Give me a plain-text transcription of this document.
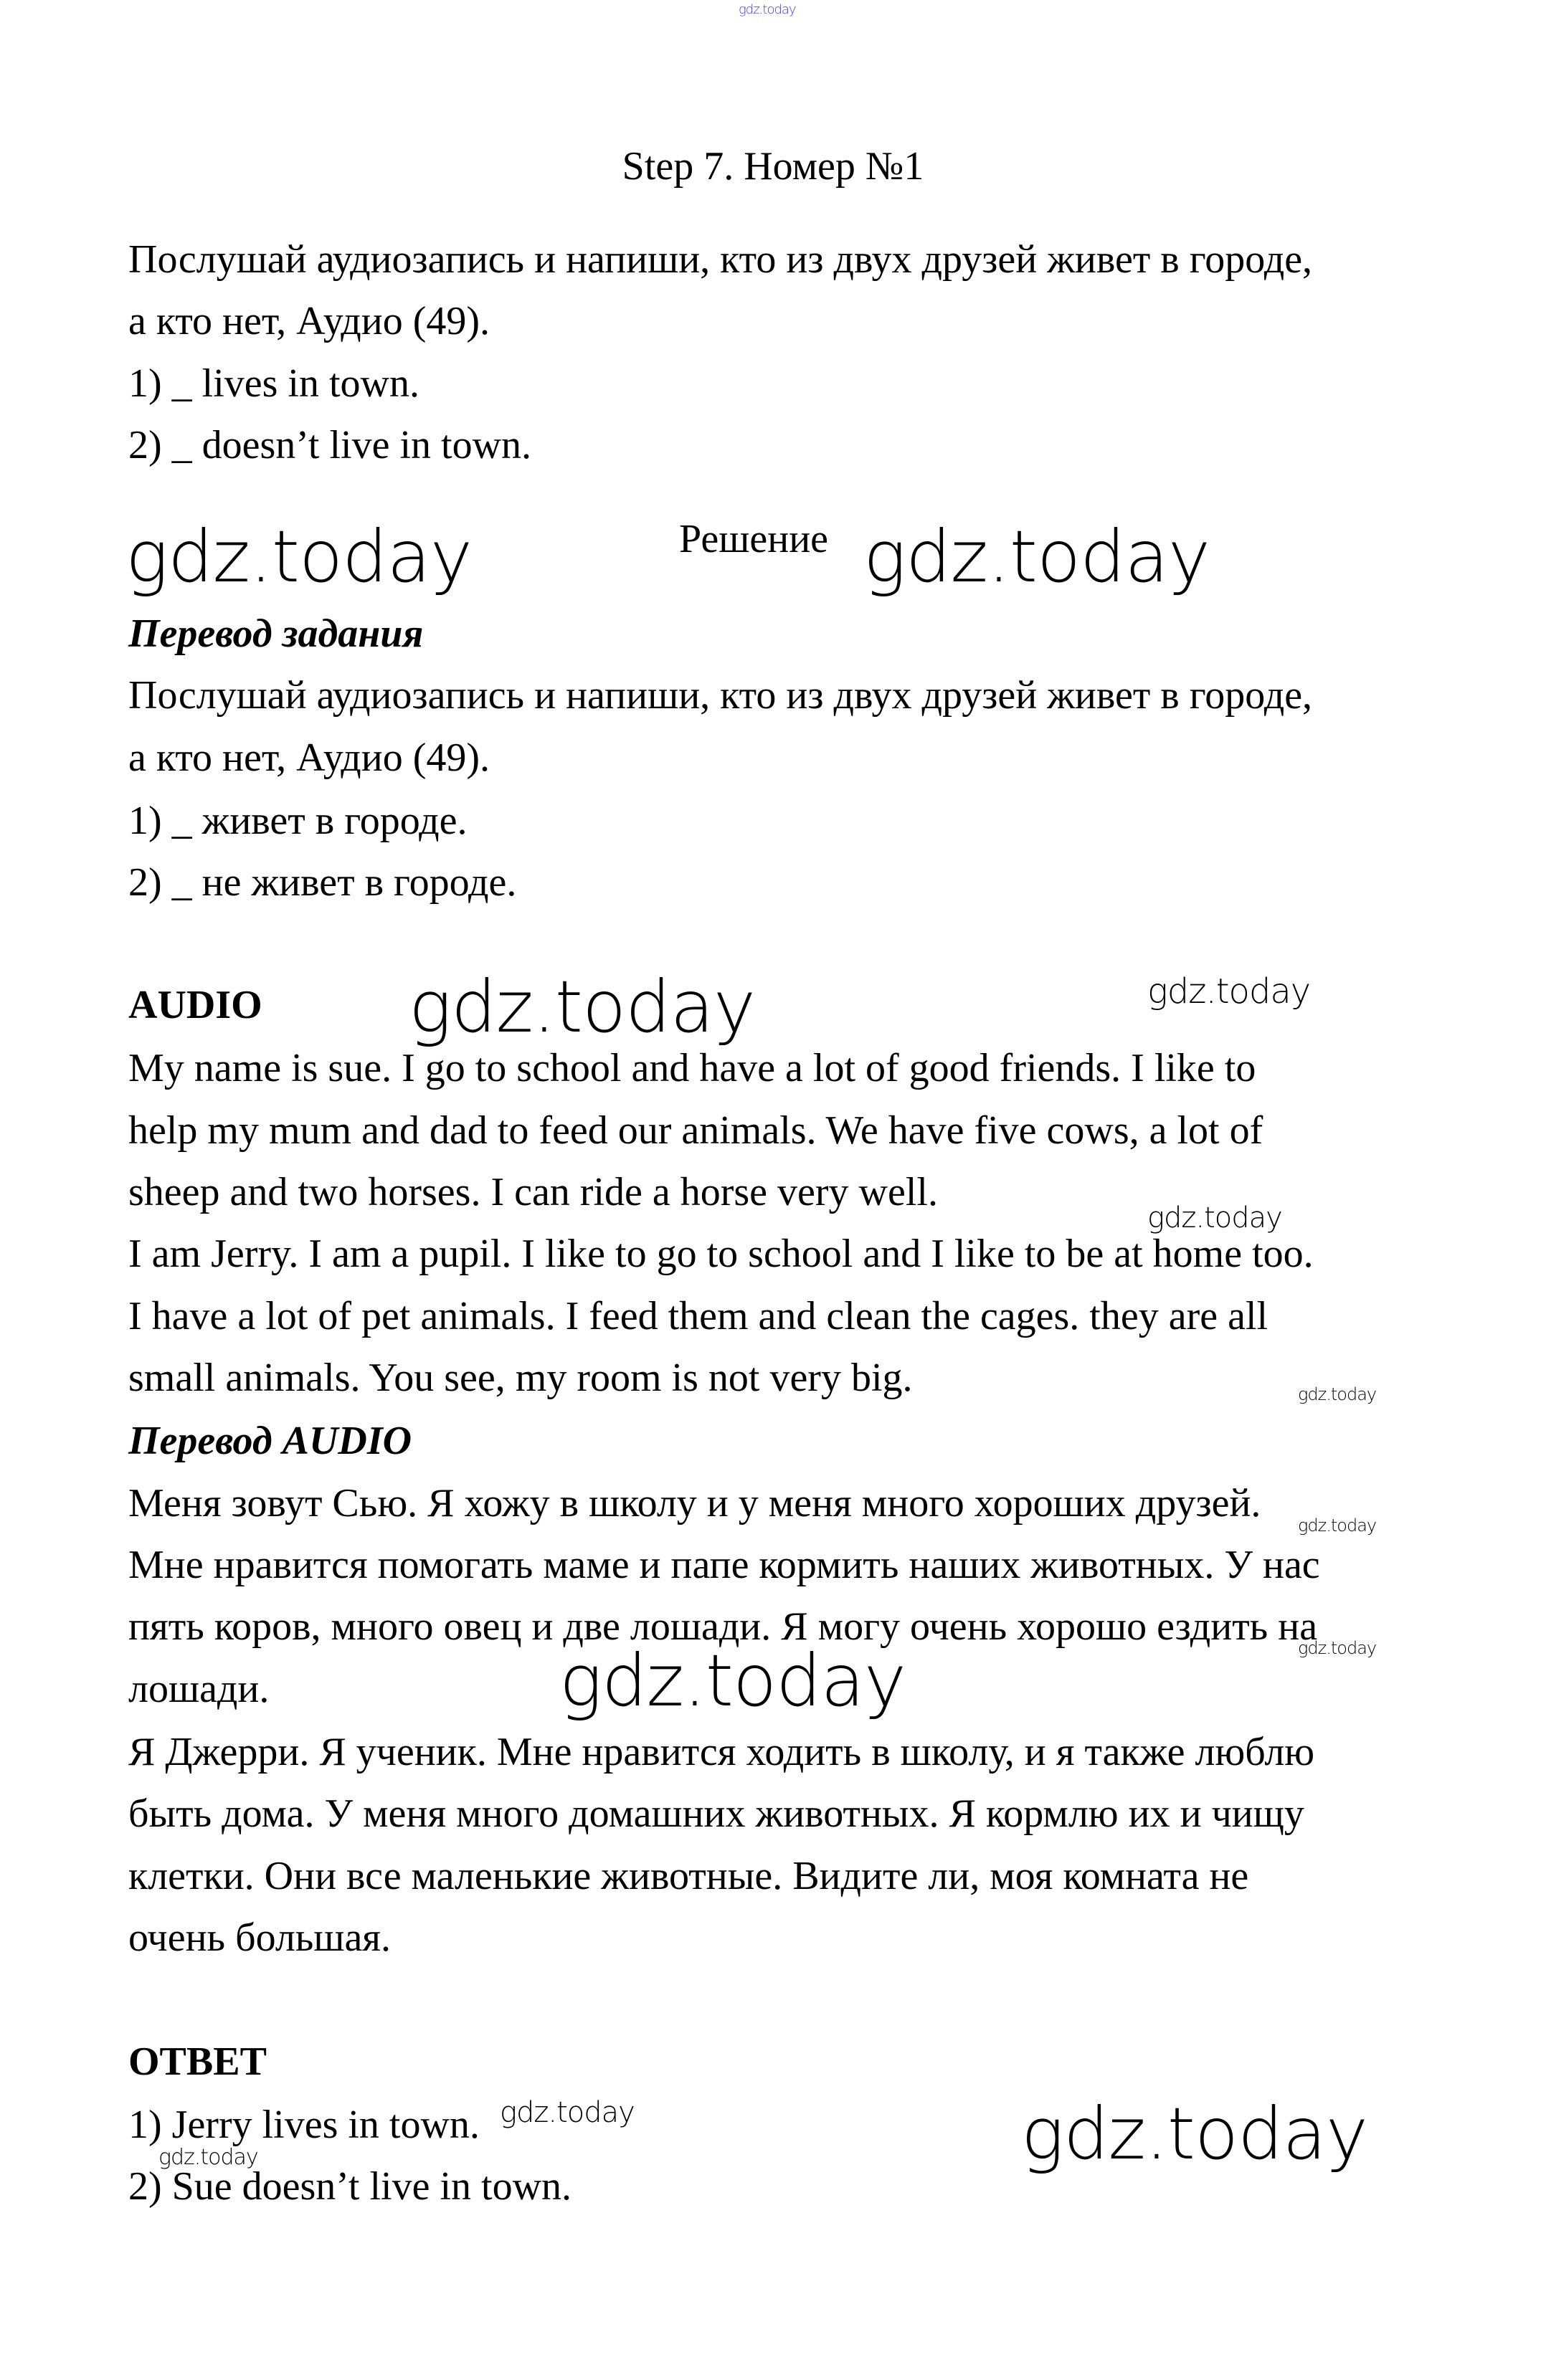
gdz.today
Step 7. Номер №1
Послушай аудиозапись и напиши, кто из двух друзей живет в городе,
а кто нет, Аудио (49).
1) _ lives in town.
2) _ doesn’t live in town.
gdz.today	Решение gdz.today
Перевод задания
Послушай аудиозапись и напиши, кто из двух друзей живет в городе,
а кто нет, Аудио (49).
1) _ живет в городе.
2) _ не живет в городе.
AUDIO gdz.today	gdz.today
My name is sue. I go to school and have a lot of good friends. I like to
help my mum and dad to feed our animals. We have five cows, a lot of
sheep and two horses. I can ride a horse very well.
I am Jerry. I am a pupil. I like to go to school and I like to be at home too.
I have a lot of pet animals. I feed them and clean the cages. they are all
small animals. You see, my room is not very big.
gdz.today
gdz.today
Перевод AUDIO
Меня зовут Сью. Я хожу в школу и у меня много хороших друзей.
Мне нравится помогать маме и папе кормить наших животных. У нас
пять коров, много овец и две лошади. Я могу очень хорошо ездить на
лошади.
Я Джерри. Я ученик. Мне нравится ходить в школу, и я также люблю
быть дома. У меня много домашних животных. Я кормлю их и чищу
клетки. Они все маленькие животные. Видите ли, моя комната не
очень большая.
gdz.today
gdz.today
gdz.today
ОТВЕТ
1) Jerry lives in town.
2) Sue doesn’t live in town.
gdz.today
gdz.today	gdz.today
